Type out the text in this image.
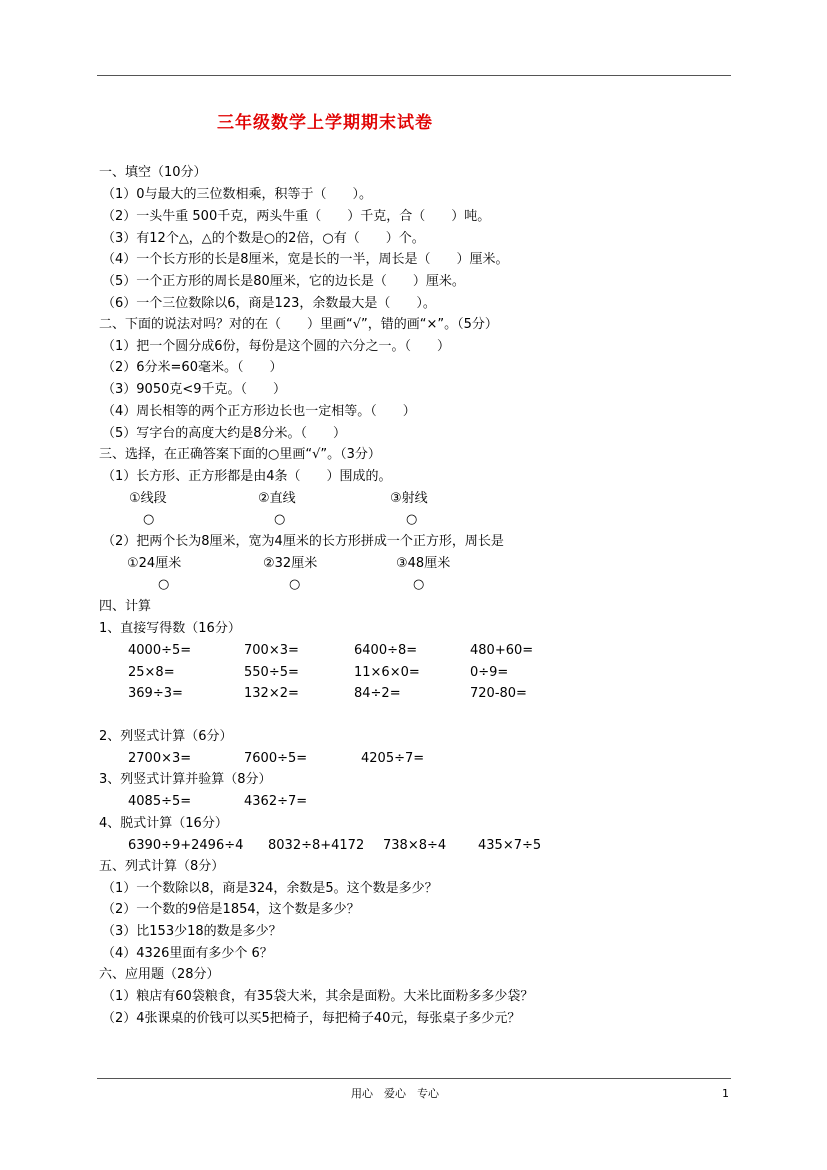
三年级数学上学期期末试卷
一、填空（10分）
（1）0与最大的三位数相乘，积等于（　　）。
（2）一头牛重 500千克，两头牛重（　　）千克，合（　　）吨。
（3）有12个△，△的个数是○的2倍，○有（　　）个。
（4）一个长方形的长是8厘米，宽是长的一半，周长是（　　）厘米。
（5）一个正方形的周长是80厘米，它的边长是（　　）厘米。
（6）一个三位数除以6，商是123，余数最大是（　　）。
二、下面的说法对吗？对的在（　　）里画“√”，错的画“×”。（5分）
（1）把一个圆分成6份，每份是这个圆的六分之一。（　　）
（2）6分米=60毫米。（　　）
（3）9050克<9千克。（　　）
（4）周长相等的两个正方形边长也一定相等。（　　）
（5）写字台的高度大约是8分米。（　　）
三、选择，在正确答案下面的○里画“√”。（3分）
（1）长方形、正方形都是由4条（　　）围成的。
①线段	②直线	③射线
○	○	○
（2）把两个长为8厘米，宽为4厘米的长方形拼成一个正方形，周长是
①24厘米	②32厘米	③48厘米
○	○	○
四、计算
1、直接写得数（16分）
4000÷5=	700×3=	6400÷8=	480+60=
25×8=	550÷5=	11×6×0=	0÷9=
369÷3=	132×2=	84÷2=	720-80=
2、列竖式计算（6分）
2700×3=	7600÷5=	4205÷7=
3、列竖式计算并验算（8分）
4085÷5=	4362÷7=
4、脱式计算（16分）
6390÷9+2496÷4 8032÷8+4172 738×8÷4 435×7÷5
五、列式计算（8分）
（1）一个数除以8，商是324，余数是5。这个数是多少？
（2）一个数的9倍是1854，这个数是多少？
（3）比153少18的数是多少？
（4）4326里面有多少个 6？
六、应用题（28分）
（1）粮店有60袋粮食，有35袋大米，其余是面粉。大米比面粉多多少袋？
（2）4张课桌的价钱可以买5把椅子，每把椅子40元，每张桌子多少元？
用心　爱心　专心	1
